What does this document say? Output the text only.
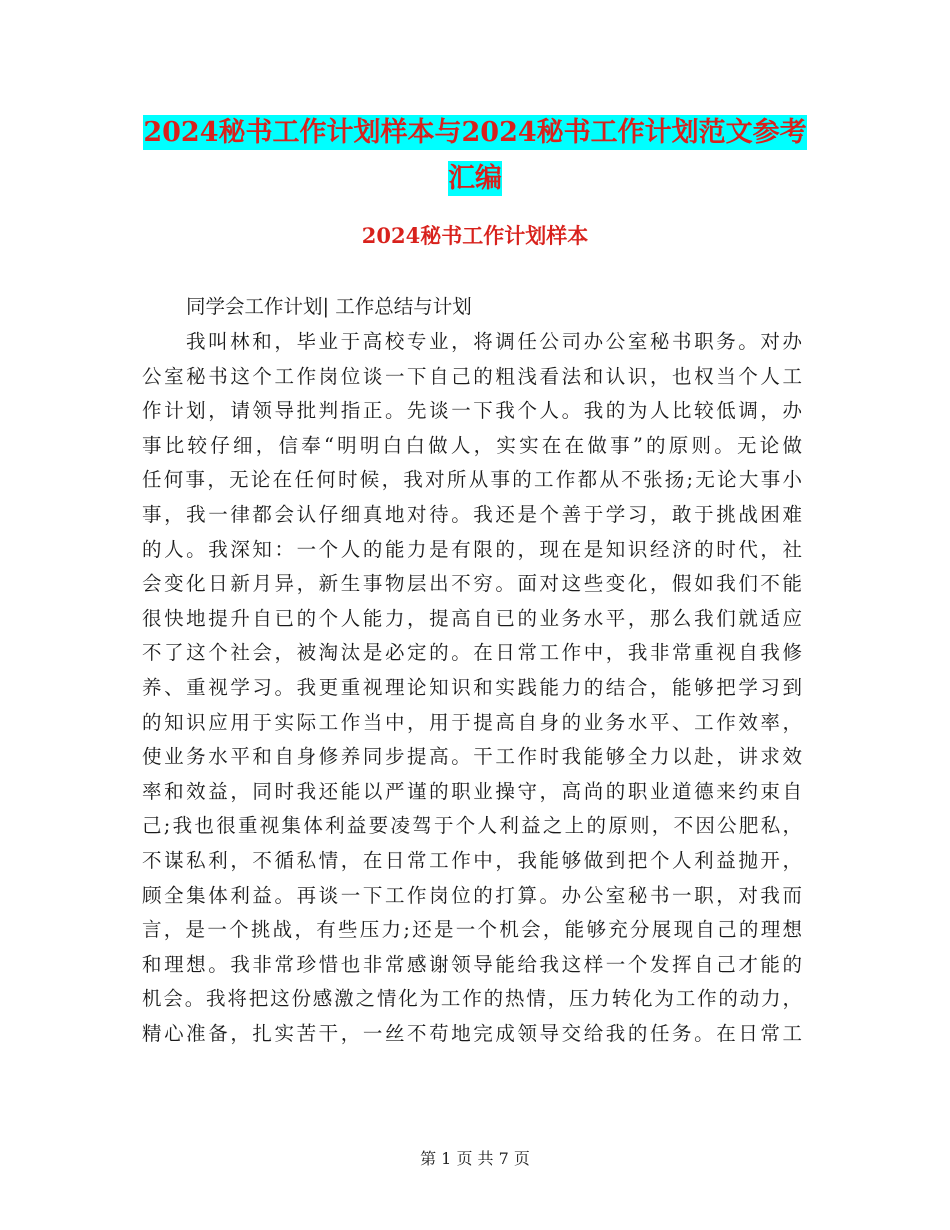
2024秘书工作计划样本与2024秘书工作计划范文参考
汇编
2024秘书工作计划样本
同学会工作计划| 工作总结与计划
我叫林和，毕业于高校专业，将调任公司办公室秘书职务。对办
公室秘书这个工作岗位谈一下自己的粗浅看法和认识，也权当个人工
作计划，请领导批判指正。先谈一下我个人。我的为人比较低调，办
事比较仔细，信奉“明明白白做人，实实在在做事”的原则。无论做
任何事，无论在任何时候，我对所从事的工作都从不张扬;无论大事小
事，我一律都会认仔细真地对待。我还是个善于学习，敢于挑战困难
的人。我深知：一个人的能力是有限的，现在是知识经济的时代，社
会变化日新月异，新生事物层出不穷。面对这些变化，假如我们不能
很快地提升自已的个人能力，提高自已的业务水平，那么我们就适应
不了这个社会，被淘汰是必定的。在日常工作中，我非常重视自我修
养、重视学习。我更重视理论知识和实践能力的结合，能够把学习到
的知识应用于实际工作当中，用于提高自身的业务水平、工作效率，
使业务水平和自身修养同步提高。干工作时我能够全力以赴，讲求效
率和效益，同时我还能以严谨的职业操守，高尚的职业道德来约束自
己;我也很重视集体利益要凌驾于个人利益之上的原则，不因公肥私，
不谋私利，不循私情，在日常工作中，我能够做到把个人利益抛开，
顾全集体利益。再谈一下工作岗位的打算。办公室秘书一职，对我而
言，是一个挑战，有些压力;还是一个机会，能够充分展现自己的理想
和理想。我非常珍惜也非常感谢领导能给我这样一个发挥自己才能的
机会。我将把这份感激之情化为工作的热情，压力转化为工作的动力，
精心准备，扎实苦干，一丝不苟地完成领导交给我的任务。在日常工
第 1 页 共 7 页
